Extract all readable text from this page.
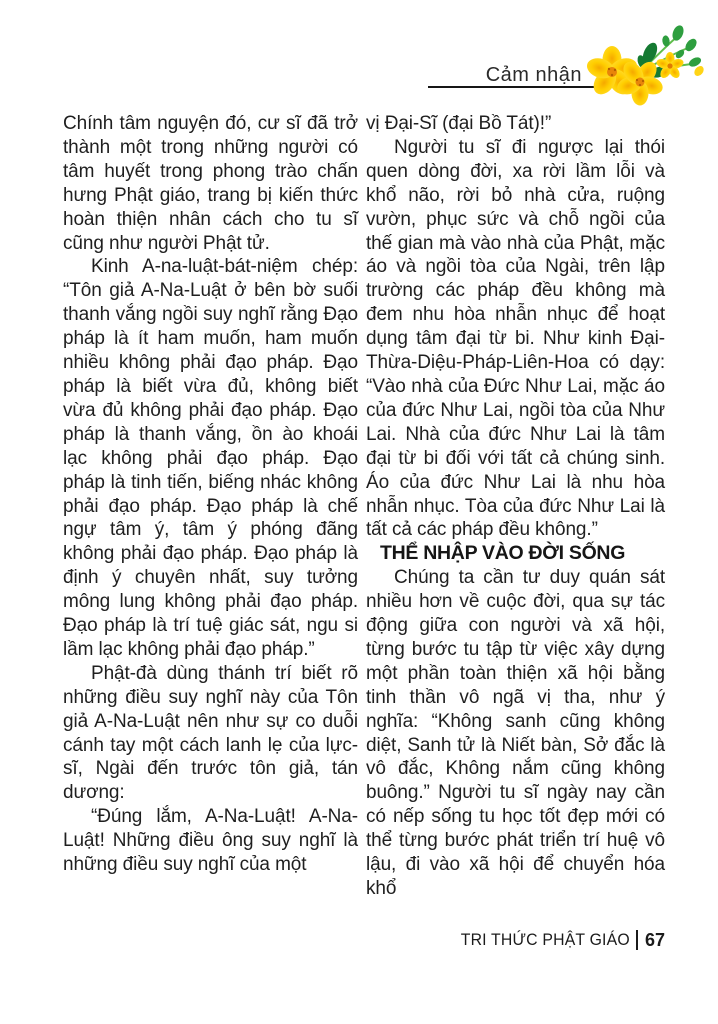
Cảm nhận

Chính tâm nguyện đó, cư sĩ đã trở thành một trong những người có tâm huyết trong phong trào chấn hưng Phật giáo, trang bị kiến thức hoàn thiện nhân cách cho tu sĩ cũng như người Phật tử.

Kinh A-na-luật-bát-niệm chép: “Tôn giả A-Na-Luật ở bên bờ suối thanh vắng ngồi suy nghĩ rằng Đạo pháp là ít ham muốn, ham muốn nhiều không phải đạo pháp. Đạo pháp là biết vừa đủ, không biết vừa đủ không phải đạo pháp. Đạo pháp là thanh vắng, ồn ào khoái lạc không phải đạo pháp. Đạo pháp là tinh tiến, biếng nhác không phải đạo pháp. Đạo pháp là chế ngự tâm ý, tâm ý phóng đãng không phải đạo pháp. Đạo pháp là định ý chuyên nhất, suy tưởng mông lung không phải đạo pháp. Đạo pháp là trí tuệ giác sát, ngu si lầm lạc không phải đạo pháp.”

Phật-đà dùng thánh trí biết rõ những điều suy nghĩ này của Tôn giả A-Na-Luật nên như sự co duỗi cánh tay một cách lanh lẹ của lực-sĩ, Ngài đến trước tôn giả, tán dương:

“Đúng lắm, A-Na-Luật! A-Na-Luật! Những điều ông suy nghĩ là những điều suy nghĩ của một

vị Đại-Sĩ (đại Bồ Tát)!”

Người tu sĩ đi ngược lại thói quen dòng đời, xa rời lầm lỗi và khổ não, rời bỏ nhà cửa, ruộng vườn, phục sức và chỗ ngồi của thế gian mà vào nhà của Phật, mặc áo và ngồi tòa của Ngài, trên lập trường các pháp đều không mà đem nhu hòa nhẫn nhục để hoạt dụng tâm đại từ bi. Như kinh Đại-Thừa-Diệu-Pháp-Liên-Hoa có dạy: “Vào nhà của Đức Như Lai, mặc áo của đức Như Lai, ngồi tòa của Như Lai. Nhà của đức Như Lai là tâm đại từ bi đối với tất cả chúng sinh. Áo của đức Như Lai là nhu hòa nhẫn nhục. Tòa của đức Như Lai là tất cả các pháp đều không.”

THỂ NHẬP VÀO ĐỜI SỐNG

Chúng ta cần tư duy quán sát nhiều hơn về cuộc đời, qua sự tác động giữa con người và xã hội, từng bước tu tập từ việc xây dựng một phần toàn thiện xã hội bằng tinh thần vô ngã vị tha, như ý nghĩa: “Không sanh cũng không diệt, Sanh tử là Niết bàn, Sở đắc là vô đắc, Không nắm cũng không buông.” Người tu sĩ ngày nay cần có nếp sống tu học tốt đẹp mới có thể từng bước phát triển trí huệ vô lậu, đi vào xã hội để chuyển hóa khổ

TRI THỨC PHẬT GIÁO 67
